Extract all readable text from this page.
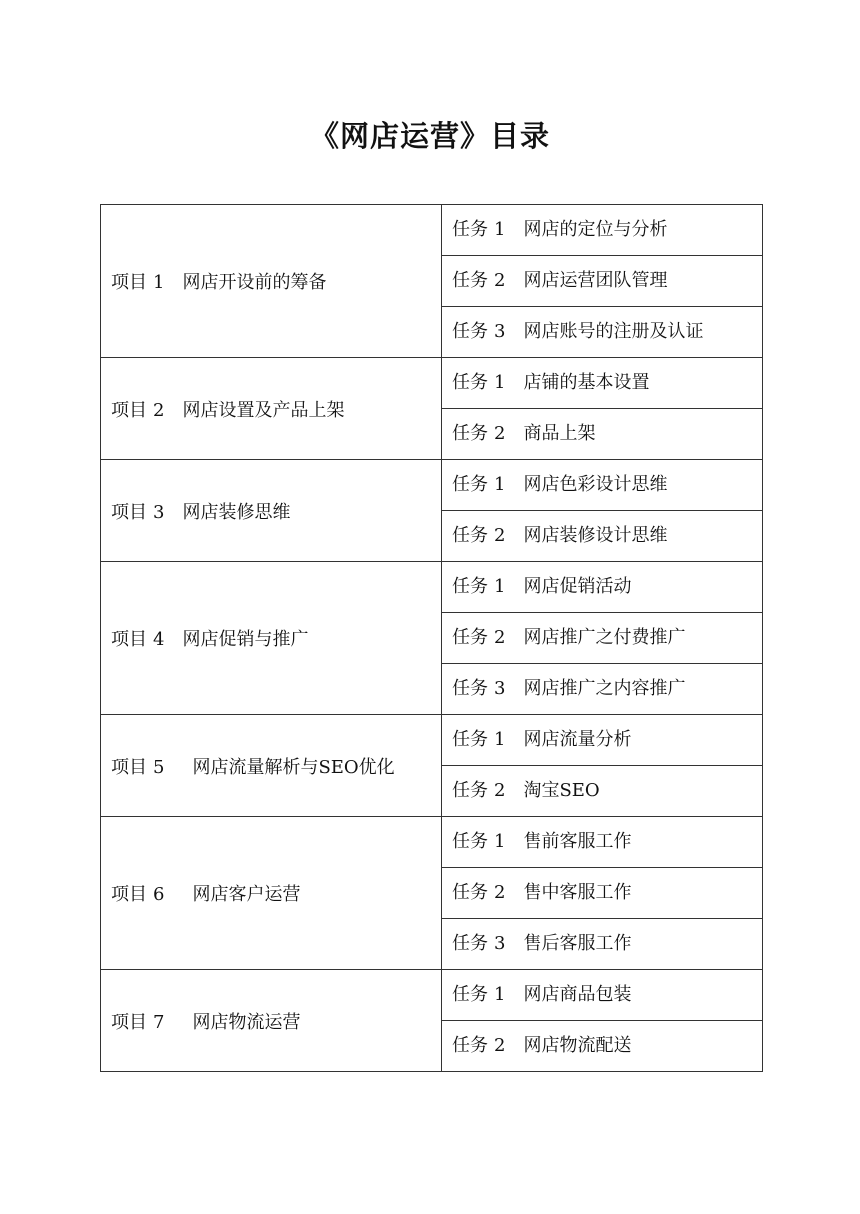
《网店运营》目录
项目 1 网店开设前的筹备	任务 1 网店的定位与分析

	任务 2 网店运营团队管理

	任务 3 网店账号的注册及认证

项目 2 网店设置及产品上架	任务 1 店铺的基本设置

	任务 2 商品上架

项目 3 网店装修思维	任务 1 网店色彩设计思维

	任务 2 网店装修设计思维

项目 4 网店促销与推广	任务 1 网店促销活动

	任务 2 网店推广之付费推广

	任务 3 网店推广之内容推广

项目 5 网店流量解析与SEO优化	任务 1 网店流量分析

	任务 2 淘宝SEO

项目 6 网店客户运营	任务 1 售前客服工作

	任务 2 售中客服工作

	任务 3 售后客服工作

项目 7 网店物流运营	任务 1 网店商品包装

	任务 2 网店物流配送
